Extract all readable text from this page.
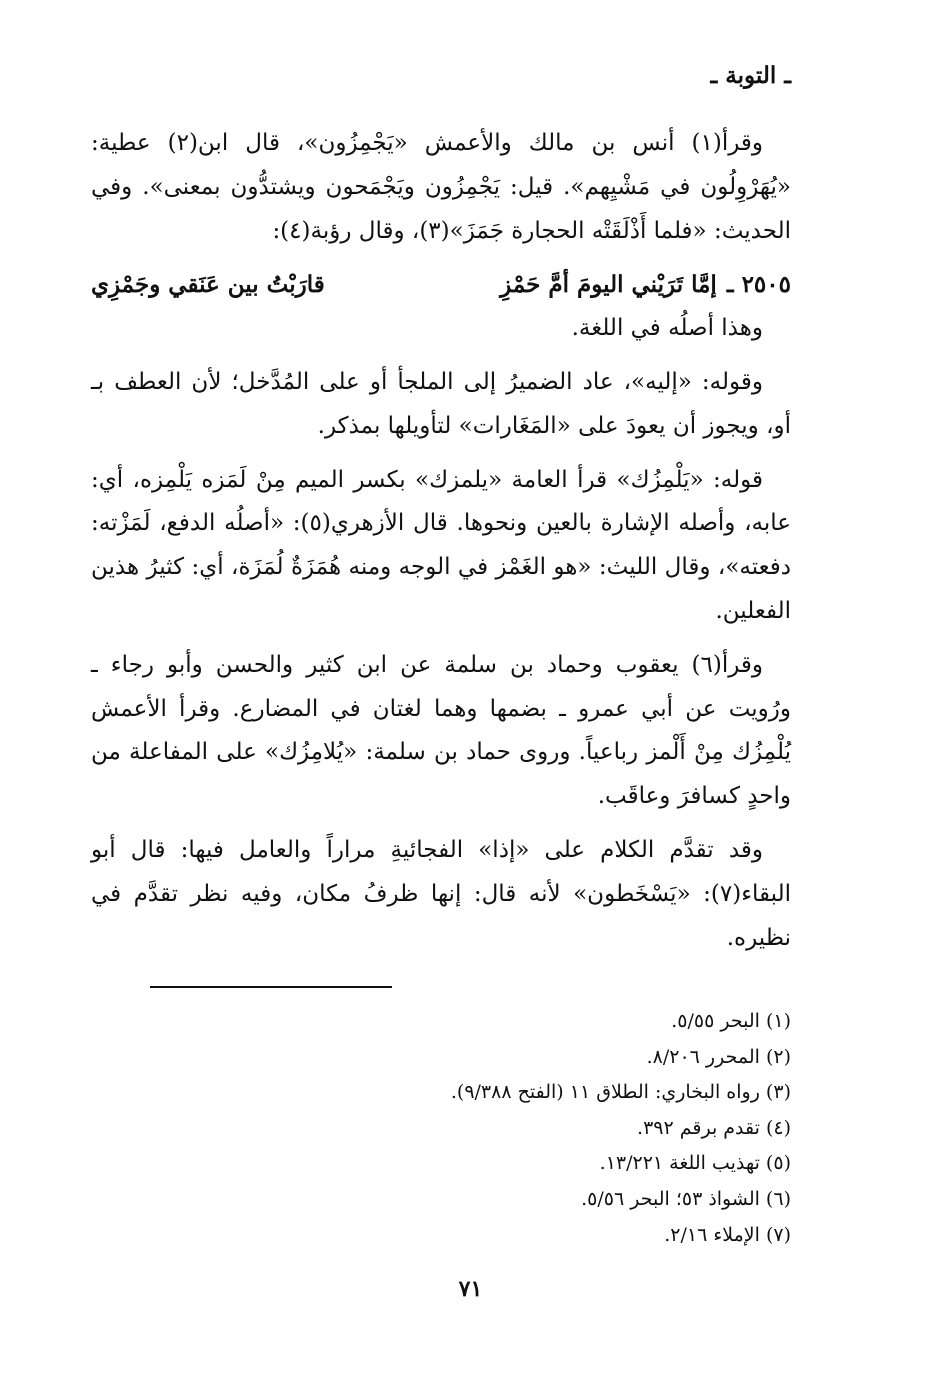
ـ التوبة ـ

وقرأ(١) أنس بن مالك والأعمش «يَجْمِزُون»، قال ابن(٢) عطية: «يُهَرْوِلُون في مَشْيِهم». قيل: يَجْمِزُون ويَجْمَحون ويشتدُّون بمعنى». وفي الحديث: «فلما أَذْلَقَتْه الحجارة جَمَزَ»(٣)، وقال رؤبة(٤):

٢٥٠٥ ـ
إمَّا تَرَيْني اليومَ أمَّ حَمْزِ
قارَبْتُ بين عَنَقي وجَمْزِي

وهذا أصلُه في اللغة.

وقوله: «إليه»، عاد الضميرُ إلى الملجأ أو على المُدَّخل؛ لأن العطف بـ أو، ويجوز أن يعودَ على «المَغَارات» لتأويلها بمذكر.

قوله: «يَلْمِزُك» قرأ العامة «يلمزك» بكسر الميم مِنْ لَمَزه يَلْمِزه، أي: عابه، وأصله الإشارة بالعين ونحوها. قال الأزهري(٥): «أصلُه الدفع، لَمَزْته: دفعته»، وقال الليث: «هو الغَمْز في الوجه ومنه هُمَزَةٌ لُمَزَة، أي: كثيرُ هذين الفعلين.

وقرأ(٦) يعقوب وحماد بن سلمة عن ابن كثير والحسن وأبو رجاء ـ ورُويت عن أبي عمرو ـ بضمها وهما لغتان في المضارع. وقرأ الأعمش يُلْمِزُك مِنْ أَلْمز رباعياً. وروى حماد بن سلمة: «يُلامِزُك» على المفاعلة من واحدٍ كسافرَ وعاقَب.

وقد تقدَّم الكلام على «إذا» الفجائيةِ مراراً والعامل فيها: قال أبو البقاء(٧): «يَسْخَطون» لأنه قال: إنها ظرفُ مكان، وفيه نظر تقدَّم في نظيره.

(١) البحر ٥/٥٥.
(٢) المحرر ٨/٢٠٦.
(٣) رواه البخاري: الطلاق ١١ (الفتح ٩/٣٨٨).
(٤) تقدم برقم ٣٩٢.
(٥) تهذيب اللغة ١٣/٢٢١.
(٦) الشواذ ٥٣؛ البحر ٥/٥٦.
(٧) الإملاء ٢/١٦.
٧١
